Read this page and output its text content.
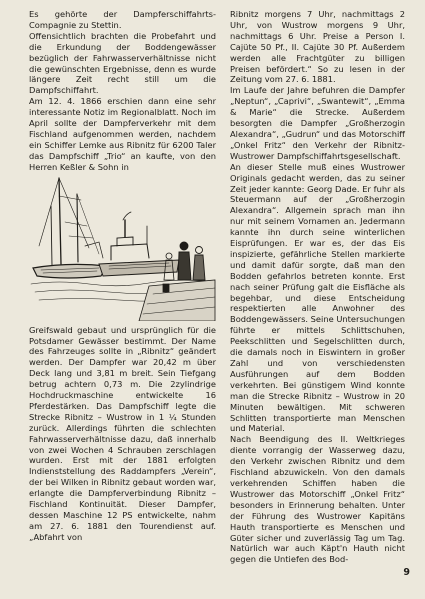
Es gehörte der Dampferschiffahrts-Compagnie zu Stettin.

Offensichtlich brachten die Probefahrt und die Erkundung der Boddengewässer bezüglich der Fahrwasserverhältnisse nicht die gewünschten Ergebnisse, denn es wurde längere Zeit recht still um die Dampfschiffahrt.

Am 12. 4. 1866 erschien dann eine sehr interessante Notiz im Regionalblatt. Noch im April sollte der Dampferverkehr mit dem Fischland aufgenommen werden, nachdem ein Schiffer Lemke aus Ribnitz für 6200 Taler das Dampfschiff „Trio“ an kaufte, von den Herren Keßler & Sohn in

Greifswald gebaut und ursprünglich für die Potsdamer Gewässer bestimmt. Der Name des Fahrzeuges sollte in „Ribnitz“ geändert werden. Der Dampfer war 20,42 m über Deck lang und 3,81 m breit. Sein Tiefgang betrug achtern 0,73 m. Die 2zylindrige Hochdruckmaschine entwickelte 16 Pferdestärken. Das Dampfschiff legte die Strecke Ribnitz – Wustrow in 1 ¼ Stunden zurück. Allerdings führten die schlechten Fahrwasserverhältnisse dazu, daß innerhalb von zwei Wochen 4 Schrauben zerschlagen wurden. Erst mit der 1881 erfolgten Indienststellung des Raddampfers „Verein“, der bei Wilken in Ribnitz gebaut worden war, erlangte die Dampferverbindung Ribnitz – Fischland Kontinuität. Dieser Dampfer, dessen Maschine 12 PS entwickelte, nahm am 27. 6. 1881 den Tourendienst auf. „Abfahrt von

Ribnitz morgens 7 Uhr, nachmittags 2 Uhr, von Wustrow morgens 9 Uhr, nachmittags 6 Uhr. Preise a Person I. Cajüte 50 Pf., II. Cajüte 30 Pf. Außerdem werden alle Frachtgüter zu billigen Preisen befördert.“ So zu lesen in der Zeitung vom 27. 6. 1881.

Im Laufe der Jahre befuhren die Dampfer „Neptun“, „Caprivi“, „Swantewit“, „Emma & Marie“ die Strecke. Außerdem besorgten die Dampfer „Großherzogin Alexandra“, „Gudrun“ und das Motorschiff „Onkel Fritz“ den Verkehr der Ribnitz-Wustrower Dampfschiffahrtsgesellschaft.

An dieser Stelle muß eines Wustrower Originals gedacht werden, das zu seiner Zeit jeder kannte: Georg Dade. Er fuhr als Steuermann auf der „Großherzogin Alexandra“. Allgemein sprach man ihn nur mit seinem Vornamen an. Jedermann kannte ihn durch seine winterlichen Eisprüfungen. Er war es, der das Eis inspizierte, gefährliche Stellen markierte und damit dafür sorgte, daß man den Bodden gefahrlos betreten konnte. Erst nach seiner Prüfung galt die Eisfläche als begehbar, und diese Entscheidung respektierten alle Anwohner des Boddengewässers. Seine Untersuchungen führte er mittels Schlittschuhen, Peekschlitten und Segelschlitten durch, die damals noch in Eiswintern in großer Zahl und von verschiedensten Ausführungen auf dem Bodden verkehrten. Bei günstigem Wind konnte man die Strecke Ribnitz – Wustrow in 20 Minuten bewältigen. Mit schweren Schlitten transportierte man Menschen und Material.

Nach Beendigung des II. Weltkrieges diente vorrangig der Wasserweg dazu, den Verkehr zwischen Ribnitz und dem Fischland abzuwickeln. Von den damals verkehrenden Schiffen haben die Wustrower das Motorschiff „Onkel Fritz“ besonders in Erinnerung behalten. Unter der Führung des Wustrower Kapitäns Hauth transportierte es Menschen und Güter sicher und zuverlässig Tag um Tag. Natürlich war auch Käpt'n Hauth nicht gegen die Untiefen des Bod-

9
